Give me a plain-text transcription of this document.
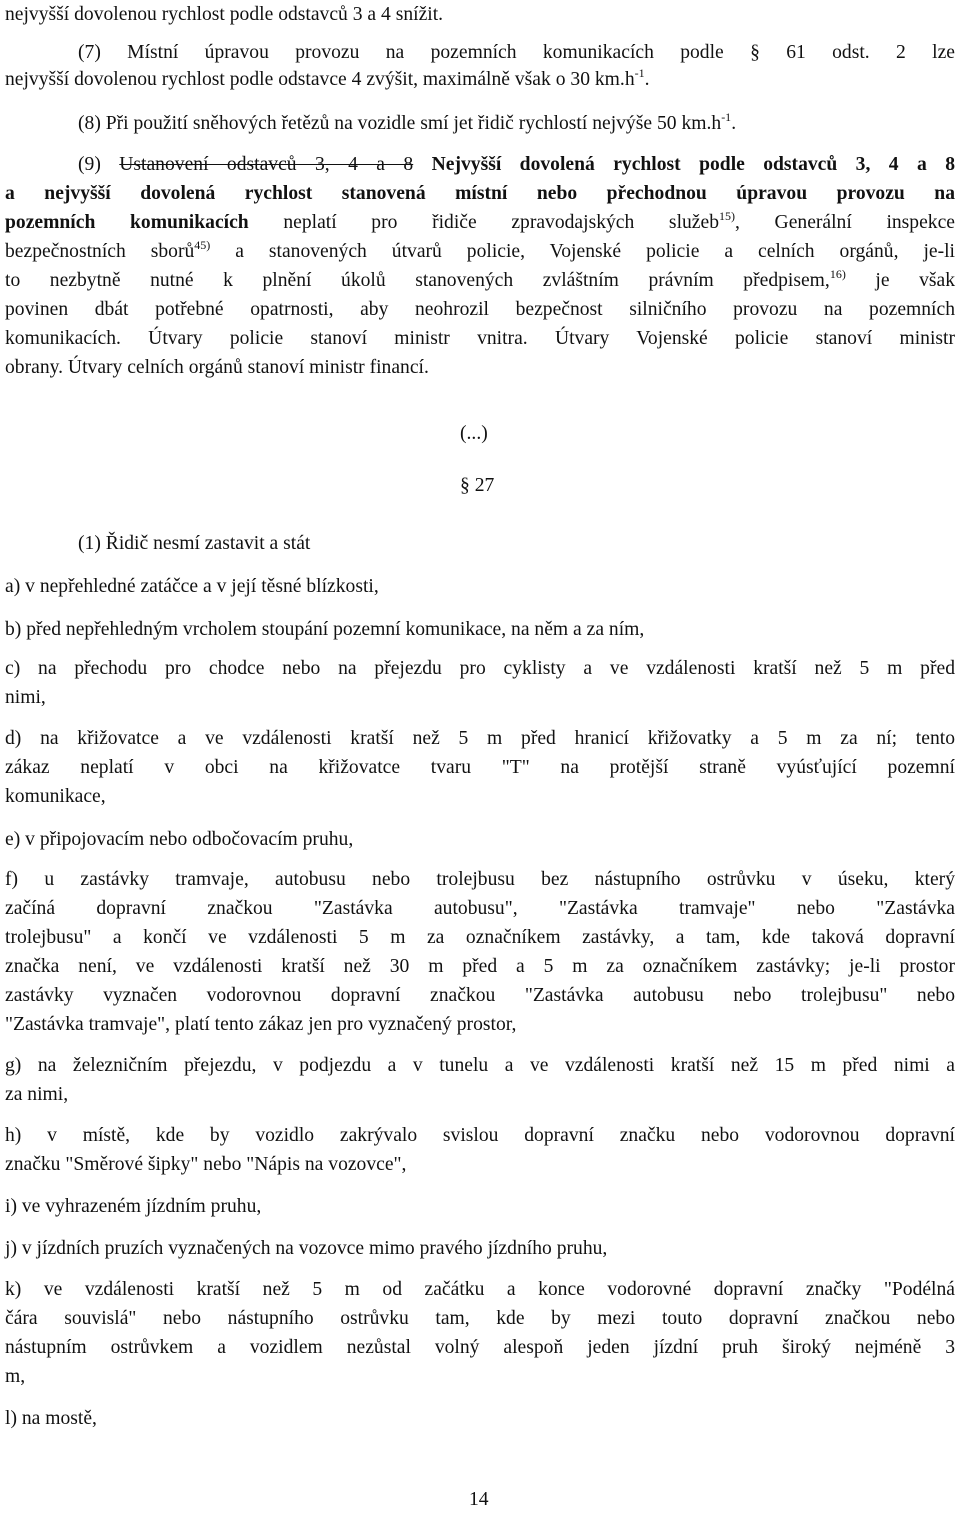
nejvyšší dovolenou rychlost podle odstavců 3 a 4 snížit.
(7) Místní úpravou provozu na pozemních komunikacích podle § 61 odst. 2 lze
nejvyšší dovolenou rychlost podle odstavce 4 zvýšit, maximálně však o 30 $km.h^{-1}$.
(8) Při použití sněhových řetězů na vozidle smí jet řidič rychlostí nejvýše 50 $km.h^{-1}$.
(9) Ustanovení odstavců 3, 4 a 8 Nejvyšší dovolená rychlost podle odstavců 3, 4 a 8
a nejvyšší dovolená rychlost stanovená místní nebo přechodnou úpravou provozu na
pozemních komunikacích neplatí pro řidiče zpravodajských služeb$^{15)}$, Generální inspekce
bezpečnostních sborů$^{45)}$ a stanovených útvarů policie, Vojenské policie a celních orgánů, je-li
to nezbytně nutné k plnění úkolů stanovených zvláštním právním předpisem,$^{16)}$ je však
povinen dbát potřebné opatrnosti, aby neohrozil bezpečnost silničního provozu na pozemních
komunikacích. Útvary policie stanoví ministr vnitra. Útvary Vojenské policie stanoví ministr
obrany. Útvary celních orgánů stanoví ministr financí.
(...)
§ 27
(1) Řidič nesmí zastavit a stát
a) v nepřehledné zatáčce a v její těsné blízkosti,
b) před nepřehledným vrcholem stoupání pozemní komunikace, na něm a za ním,
c) na přechodu pro chodce nebo na přejezdu pro cyklisty a ve vzdálenosti kratší než 5 m před
nimi,
d) na křižovatce a ve vzdálenosti kratší než 5 m před hranicí křižovatky a 5 m za ní; tento
zákaz neplatí v obci na křižovatce tvaru "T" na protější straně vyúsťující pozemní
komunikace,
e) v připojovacím nebo odbočovacím pruhu,
f) u zastávky tramvaje, autobusu nebo trolejbusu bez nástupního ostrůvku v úseku, který
začíná dopravní značkou "Zastávka autobusu", "Zastávka tramvaje" nebo "Zastávka
trolejbusu" a končí ve vzdálenosti 5 m za označníkem zastávky, a tam, kde taková dopravní
značka není, ve vzdálenosti kratší než 30 m před a 5 m za označníkem zastávky; je-li prostor
zastávky vyznačen vodorovnou dopravní značkou "Zastávka autobusu nebo trolejbusu" nebo
"Zastávka tramvaje", platí tento zákaz jen pro vyznačený prostor,
g) na železničním přejezdu, v podjezdu a v tunelu a ve vzdálenosti kratší než 15 m před nimi a
za nimi,
h) v místě, kde by vozidlo zakrývalo svislou dopravní značku nebo vodorovnou dopravní
značku "Směrové šipky" nebo "Nápis na vozovce",
i) ve vyhrazeném jízdním pruhu,
j) v jízdních pruzích vyznačených na vozovce mimo pravého jízdního pruhu,
k) ve vzdálenosti kratší než 5 m od začátku a konce vodorovné dopravní značky "Podélná
čára souvislá" nebo nástupního ostrůvku tam, kde by mezi touto dopravní značkou nebo
nástupním ostrůvkem a vozidlem nezůstal volný alespoň jeden jízdní pruh široký nejméně 3
m,
l) na mostě,
14
